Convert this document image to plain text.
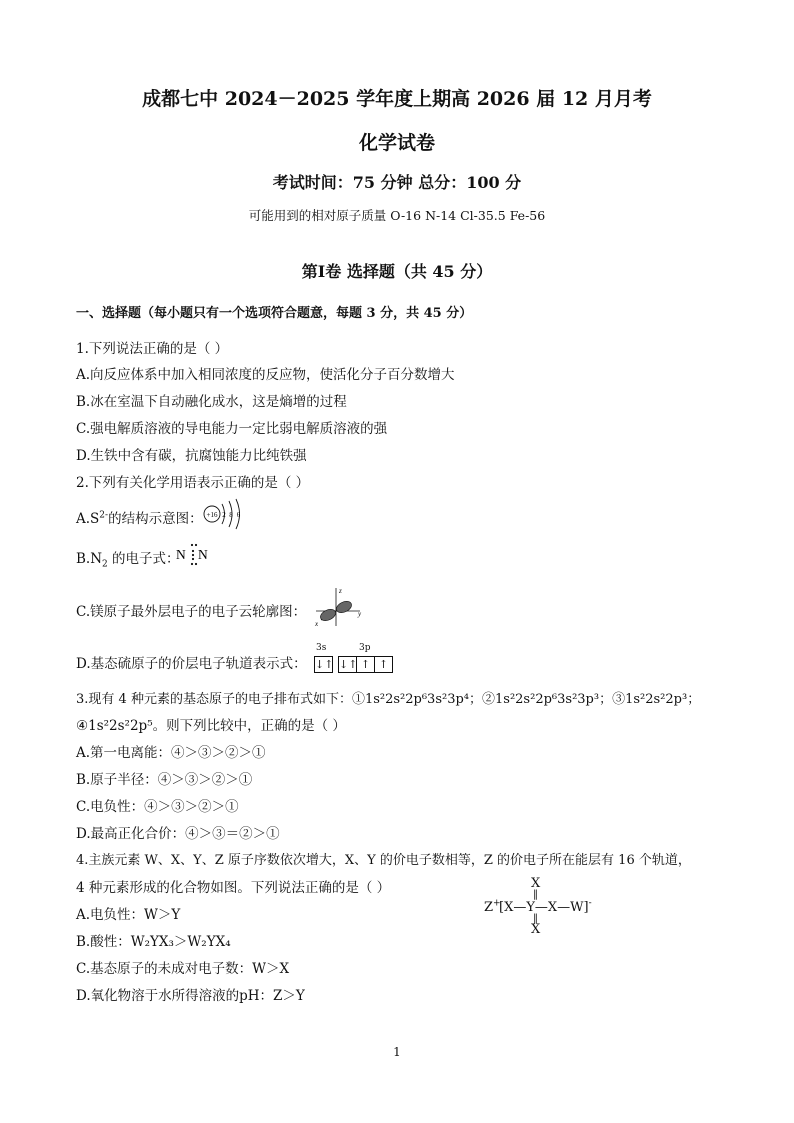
成都七中 2024－2025 学年度上期高 2026 届 12 月月考
化学试卷
考试时间：75 分钟 总分：100 分
可能用到的相对原子质量 O-16 N-14 Cl-35.5 Fe-56
第Ⅰ卷 选择题（共 45 分）
一、选择题（每小题只有一个选项符合题意，每题 3 分，共 45 分）
1.下列说法正确的是（ ）
A.向反应体系中加入相同浓度的反应物，使活化分子百分数增大
B.冰在室温下自动融化成水，这是熵增的过程
C.强电解质溶液的导电能力一定比弱电解质溶液的强
D.生铁中含有碳，抗腐蚀能力比纯铁强
2.下列有关化学用语表示正确的是（ ）
$A.S^{2-}$的结构示意图： +16 2 8 6
$B.N_2$ 的电子式：
N N
C.镁原子最外层电子的电子云轮廓图：
z
y
x
D.基态硫原子的价层电子轨道表示式：
3s	3p
↓↑ ↓↑ ↑ ↑
3.现有 4 种元素的基态原子的电子排布式如下：①1s²2s²2p⁶3s²3p⁴；②1s²2s²2p⁶3s²3p³；③1s²2s²2p³；
④1s²2s²2p⁵。则下列比较中，正确的是（ ）
A.第一电离能：④＞③＞②＞①
B.原子半径：④＞③＞②＞①
C.电负性：④＞③＞②＞①
D.最高正化合价：④＞③＝②＞①
4.主族元素 W、X、Y、Z 原子序数依次增大，X、Y 的价电子数相等，Z 的价电子所在能层有 16 个轨道，
4 种元素形成的化合物如图。下列说法正确的是（ ）
A.电负性：W＞Y
B.酸性：W₂YX₃＞W₂YX₄
C.基态原子的未成对电子数：W＞X
D.氧化物溶于水所得溶液的pH：Z＞Y
X
‖
Z+
[X—Y—X—W]-
‖
X
1
